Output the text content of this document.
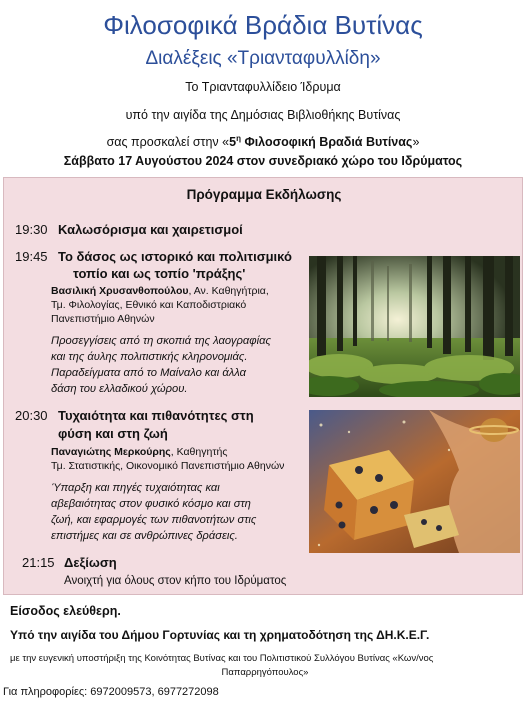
Φιλοσοφικά Βράδια Βυτίνας
Διαλέξεις «Τριανταφυλλίδη»
Το Τριανταφυλλίδειο Ίδρυμα
υπό την αιγίδα της Δημόσιας Βιβλιοθήκης Βυτίνας
σας προσκαλεί στην «$5^\eta$ Φιλοσοφική Βραδιά Βυτίνας»
Σάββατο 17 Αυγούστου 2024 στον συνεδριακό χώρο του Ιδρύματος
Πρόγραμμα Εκδήλωσης
19:30 Καλωσόρισμα και χαιρετισμοί
19:45 Το δάσος ως ιστορικό και πολιτισμικό
τοπίο και ως τοπίο 'πράξης'
Βασιλική Χρυσανθοπούλου, Αν. Καθηγήτρια,
Τμ. Φιλολογίας, Εθνικό και Καποδιστριακό
Πανεπιστήμιο Αθηνών
Προσεγγίσεις από τη σκοπιά της λαογραφίας
και της άυλης πολιτιστικής κληρονομιάς.
Παραδείγματα από το Μαίναλο και άλλα
δάση του ελλαδικού χώρου.
20:30 Τυχαιότητα και πιθανότητες στη
φύση και στη ζωή
Παναγιώτης Μερκούρης, Καθηγητής
Τμ. Στατιστικής, Οικονομικό Πανεπιστήμιο Αθηνών
Ύπαρξη και πηγές τυχαιότητας και
αβεβαιότητας στον φυσικό κόσμο και στη
ζωή, και εφαρμογές των πιθανοτήτων στις
επιστήμες και σε ανθρώπινες δράσεις.
21:15 Δεξίωση
Ανοιχτή για όλους στον κήπο του Ιδρύματος
Είσοδος ελεύθερη.
Υπό την αιγίδα του Δήμου Γορτυνίας και τη χρηματοδότηση της ΔΗ.Κ.Ε.Γ.
με την ευγενική υποστήριξη της Κοινότητας Βυτίνας και του Πολιτιστικού Συλλόγου Βυτίνας «Κων/νος
Παπαρρηγόπουλος»
Για πληροφορίες: 6972009573, 6977272098
